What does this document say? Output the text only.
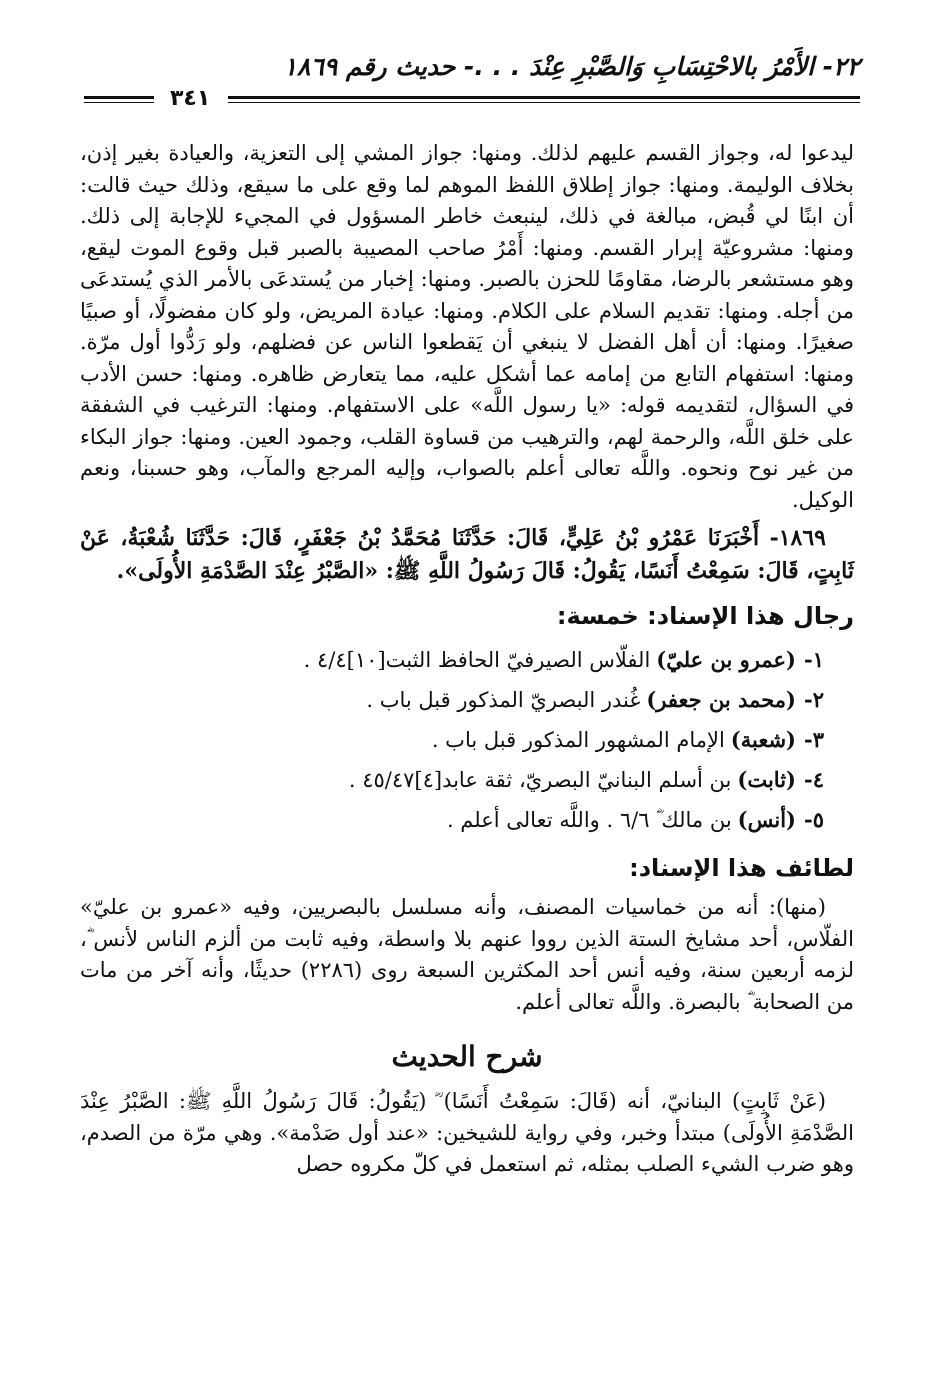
٢٢- الأَمْرُ بالاحْتِسَابِ وَالصَّبْرِ عِنْدَ . . .- حديث رقم ١٨٦٩
٣٤١

ليدعوا له، وجواز القسم عليهم لذلك. ومنها: جواز المشي إلى التعزية، والعيادة بغير إذن، بخلاف الوليمة. ومنها: جواز إطلاق اللفظ الموهم لما وقع على ما سيقع، وذلك حيث قالت: أن ابنًا لي قُبض، مبالغة في ذلك، لينبعث خاطر المسؤول في المجيء للإجابة إلى ذلك. ومنها: مشروعيّة إبرار القسم. ومنها: أَمْرُ صاحب المصيبة بالصبر قبل وقوع الموت ليقع، وهو مستشعر بالرضا، مقاومًا للحزن بالصبر. ومنها: إخبار من يُستدعَى بالأمر الذي يُستدعَى من أجله. ومنها: تقديم السلام على الكلام. ومنها: عيادة المريض، ولو كان مفضولًا، أو صبيًا صغيرًا. ومنها: أن أهل الفضل لا ينبغي أن يَقطعوا الناس عن فضلهم، ولو رَدُّوا أول مرّة. ومنها: استفهام التابع من إمامه عما أشكل عليه، مما يتعارض ظاهره. ومنها: حسن الأدب في السؤال، لتقديمه قوله: «يا رسول اللَّه» على الاستفهام. ومنها: الترغيب في الشفقة على خلق اللَّه، والرحمة لهم، والترهيب من قساوة القلب، وجمود العين. ومنها: جواز البكاء من غير نوح ونحوه. واللَّه تعالى أعلم بالصواب، وإليه المرجع والمآب، وهو حسبنا، ونعم الوكيل.

١٨٦٩- أَخْبَرَنَا عَمْرُو بْنُ عَلِيٍّ، قَالَ: حَدَّثَنَا مُحَمَّدُ بْنُ جَعْفَرٍ، قَالَ: حَدَّثَنَا شُعْبَةُ، عَنْ ثَابِتٍ، قَالَ: سَمِعْتُ أَنَسًا، يَقُولُ: قَالَ رَسُولُ اللَّهِ ﷺ: «الصَّبْرُ عِنْدَ الصَّدْمَةِ الأُولَى».

رجال هذا الإسناد: خمسة:

١-(عمرو بن عليّ)الفلّاس الصيرفيّ الحافظ الثبت[١٠]٤/٤ .
٢-(محمد بن جعفر)غُندر البصريّ المذكور قبل باب .
٣-(شعبة)الإمام المشهور المذكور قبل باب .
٤-(ثابت)بن أسلم البنانيّ البصريّ، ثقة عابد[٤]٤٥/٤٧ .
٥-(أنس)بن مالك ؓ ٦/٦ . واللَّه تعالى أعلم .

لطائف هذا الإسناد:

(منها): أنه من خماسيات المصنف، وأنه مسلسل بالبصريين، وفيه «عمرو بن عليّ» الفلّاس، أحد مشايخ الستة الذين رووا عنهم بلا واسطة، وفيه ثابت من ألزم الناس لأنس ؓ، لزمه أربعين سنة، وفيه أنس أحد المكثرين السبعة روى (٢٢٨٦) حديثًا، وأنه آخر من مات من الصحابة ؓ بالبصرة. واللَّه تعالى أعلم.

شرح الحديث

(عَنْ ثَابِتٍ) البنانيّ، أنه (قَالَ: سَمِعْتُ أَنَسًا) ؓ (يَقُولُ: قَالَ رَسُولُ اللَّهِ ﷺ: الصَّبْرُ عِنْدَ الصَّدْمَةِ الأُولَى) مبتدأ وخبر، وفي رواية للشيخين: «عند أول صَدْمة». وهي مرّة من الصدم، وهو ضرب الشيء الصلب بمثله، ثم استعمل في كلّ مكروه حصل
